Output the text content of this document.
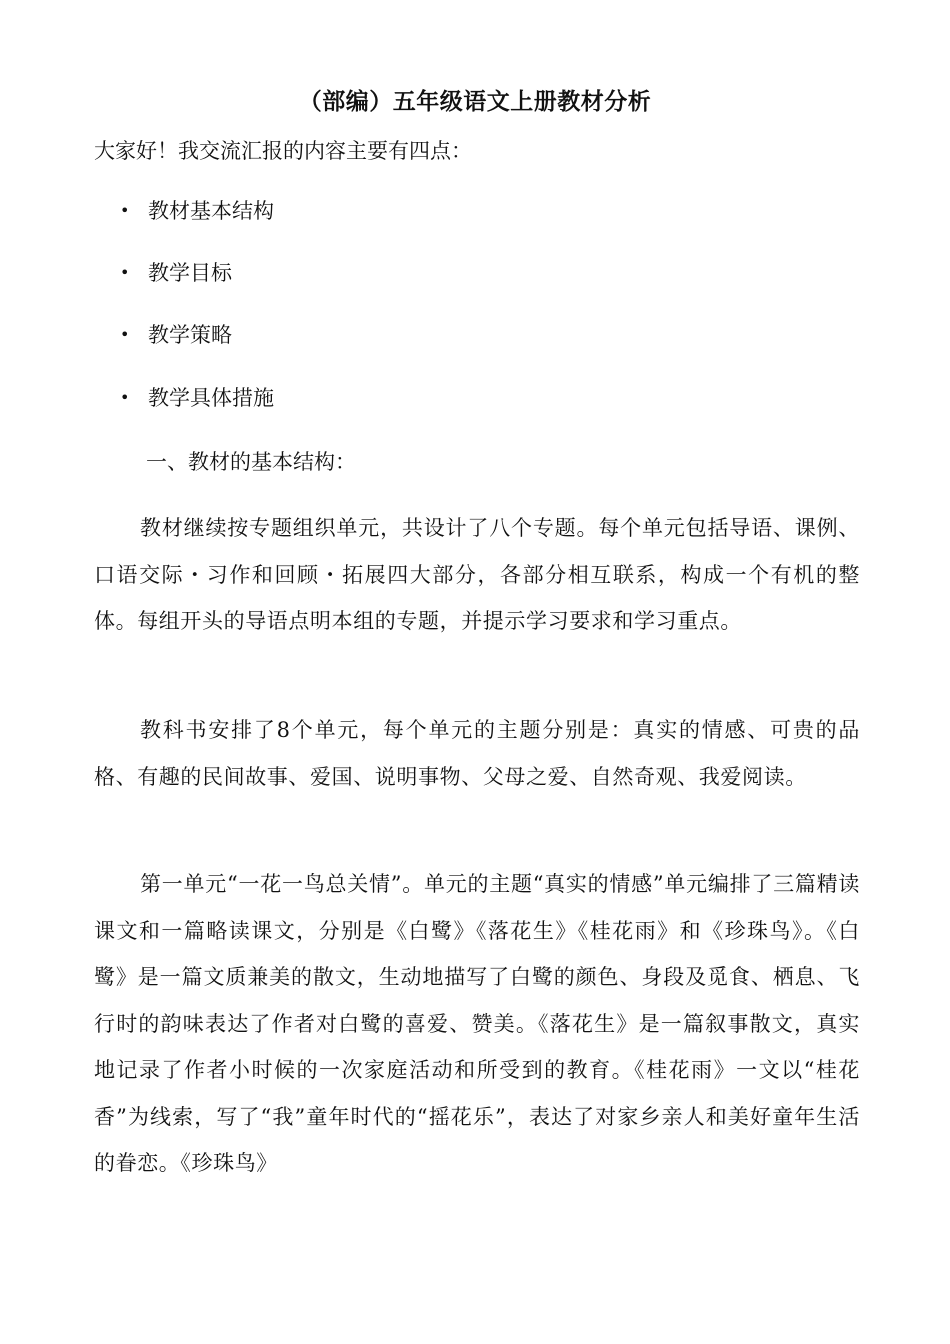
（部编）五年级语文上册教材分析
大家好！我交流汇报的内容主要有四点：
• 教材基本结构
• 教学目标
• 教学策略
• 教学具体措施
一、教材的基本结构：

教材继续按专题组织单元，共设计了八个专题。每个单元包括导语、课例、口语交际・习作和回顾・拓展四大部分，各部分相互联系，构成一个有机的整体。每组开头的导语点明本组的专题，并提示学习要求和学习重点。

教科书安排了8个单元，每个单元的主题分别是：真实的情感、可贵的品格、有趣的民间故事、爱国、说明事物、父母之爱、自然奇观、我爱阅读。

第一单元“一花一鸟总关情”。单元的主题“真实的情感”单元编排了三篇精读课文和一篇略读课文，分别是《白鹭》《落花生》《桂花雨》和《珍珠鸟》。《白鹭》是一篇文质兼美的散文，生动地描写了白鹭的颜色、身段及觅食、栖息、飞行时的韵味表达了作者对白鹭的喜爱、赞美。《落花生》是一篇叙事散文，真实地记录了作者小时候的一次家庭活动和所受到的教育。《桂花雨》一文以“桂花香”为线索，写了“我”童年时代的“摇花乐”，表达了对家乡亲人和美好童年生活的眷恋。《珍珠鸟》
